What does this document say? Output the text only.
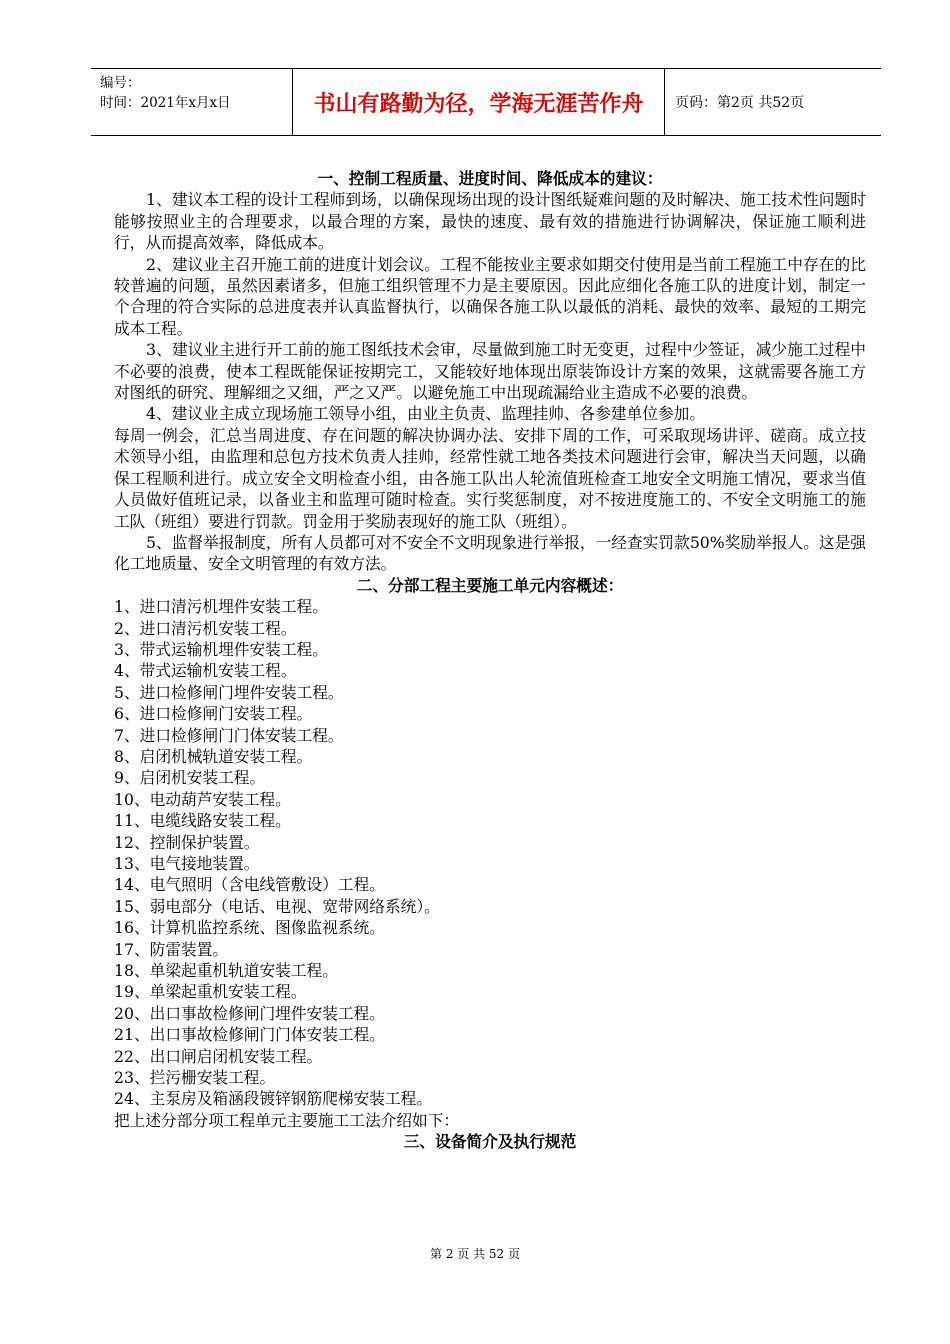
编号：
时间：2021年x月x日	书山有路勤为径，学海无涯苦作舟	页码：第2页 共52页

一、控制工程质量、进度时间、降低成本的建议：

1、建议本工程的设计工程师到场，以确保现场出现的设计图纸疑难问题的及时解决、施工技术性问题时能够按照业主的合理要求，以最合理的方案，最快的速度、最有效的措施进行协调解决，保证施工顺利进行，从而提高效率，降低成本。

2、建议业主召开施工前的进度计划会议。工程不能按业主要求如期交付使用是当前工程施工中存在的比较普遍的问题，虽然因素诸多，但施工组织管理不力是主要原因。因此应细化各施工队的进度计划，制定一个合理的符合实际的总进度表并认真监督执行，以确保各施工队以最低的消耗、最快的效率、最短的工期完成本工程。

3、建议业主进行开工前的施工图纸技术会审，尽量做到施工时无变更，过程中少签证，减少施工过程中不必要的浪费，使本工程既能保证按期完工，又能较好地体现出原装饰设计方案的效果，这就需要各施工方对图纸的研究、理解细之又细，严之又严。以避免施工中出现疏漏给业主造成不必要的浪费。

4、建议业主成立现场施工领导小组，由业主负责、监理挂帅、各参建单位参加。

每周一例会，汇总当周进度、存在问题的解决协调办法、安排下周的工作，可采取现场讲评、磋商。成立技术领导小组，由监理和总包方技术负责人挂帅，经常性就工地各类技术问题进行会审，解决当天问题，以确保工程顺利进行。成立安全文明检查小组，由各施工队出人轮流值班检查工地安全文明施工情况，要求当值人员做好值班记录，以备业主和监理可随时检查。实行奖惩制度，对不按进度施工的、不安全文明施工的施工队（班组）要进行罚款。罚金用于奖励表现好的施工队（班组）。

5、监督举报制度，所有人员都可对不安全不文明现象进行举报，一经查实罚款50%奖励举报人。这是强化工地质量、安全文明管理的有效方法。

二、分部工程主要施工单元内容概述：

1、进口清污机埋件安装工程。

2、进口清污机安装工程。

3、带式运输机埋件安装工程。

4、带式运输机安装工程。

5、进口检修闸门埋件安装工程。

6、进口检修闸门安装工程。

7、进口检修闸门门体安装工程。

8、启闭机械轨道安装工程。

9、启闭机安装工程。

10、电动葫芦安装工程。

11、电缆线路安装工程。

12、控制保护装置。

13、电气接地装置。

14、电气照明（含电线管敷设）工程。

15、弱电部分（电话、电视、宽带网络系统）。

16、计算机监控系统、图像监视系统。

17、防雷装置。

18、单梁起重机轨道安装工程。

19、单梁起重机安装工程。

20、出口事故检修闸门埋件安装工程。

21、出口事故检修闸门门体安装工程。

22、出口闸启闭机安装工程。

23、拦污栅安装工程。

24、主泵房及箱涵段镀锌钢筋爬梯安装工程。

把上述分部分项工程单元主要施工工法介绍如下：

三、设备简介及执行规范

第 2 页 共 52 页
